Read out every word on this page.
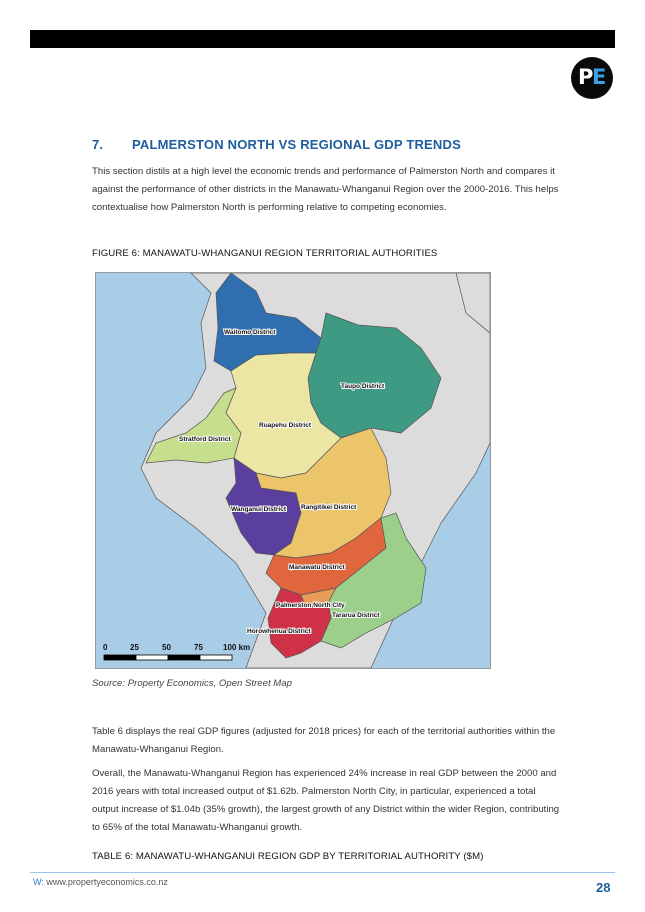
P E
7. PALMERSTON NORTH VS REGIONAL GDP TRENDS

This section distils at a high level the economic trends and performance of Palmerston North and compares it against the performance of other districts in the Manawatu-Whanganui Region over the 2000-2016. This helps contextualise how Palmerston North is performing relative to competing economies.

FIGURE 6: MANAWATU-WHANGANUI REGION TERRITORIAL AUTHORITIES
Waitomo District
Taupo District
Ruapehu District
Stratford District
Wanganui District Rangitikei District
Manawatu District
Palmerston North City
Tararua District
Horowhenua District
0	25	50	75	100 km
Source: Property Economics, Open Street Map

Table 6 displays the real GDP figures (adjusted for 2018 prices) for each of the territorial authorities within the Manawatu-Whanganui Region.

Overall, the Manawatu-Whanganui Region has experienced 24% increase in real GDP between the 2000 and 2016 years with total increased output of $1.62b. Palmerston North City, in particular, experienced a total output increase of $1.04b (35% growth), the largest growth of any District within the wider Region, contributing to 65% of the total Manawatu-Whanganui growth.

TABLE 6: MANAWATU-WHANGANUI REGION GDP BY TERRITORIAL AUTHORITY ($M)
W: www.propertyeconomics.co.nz	28
